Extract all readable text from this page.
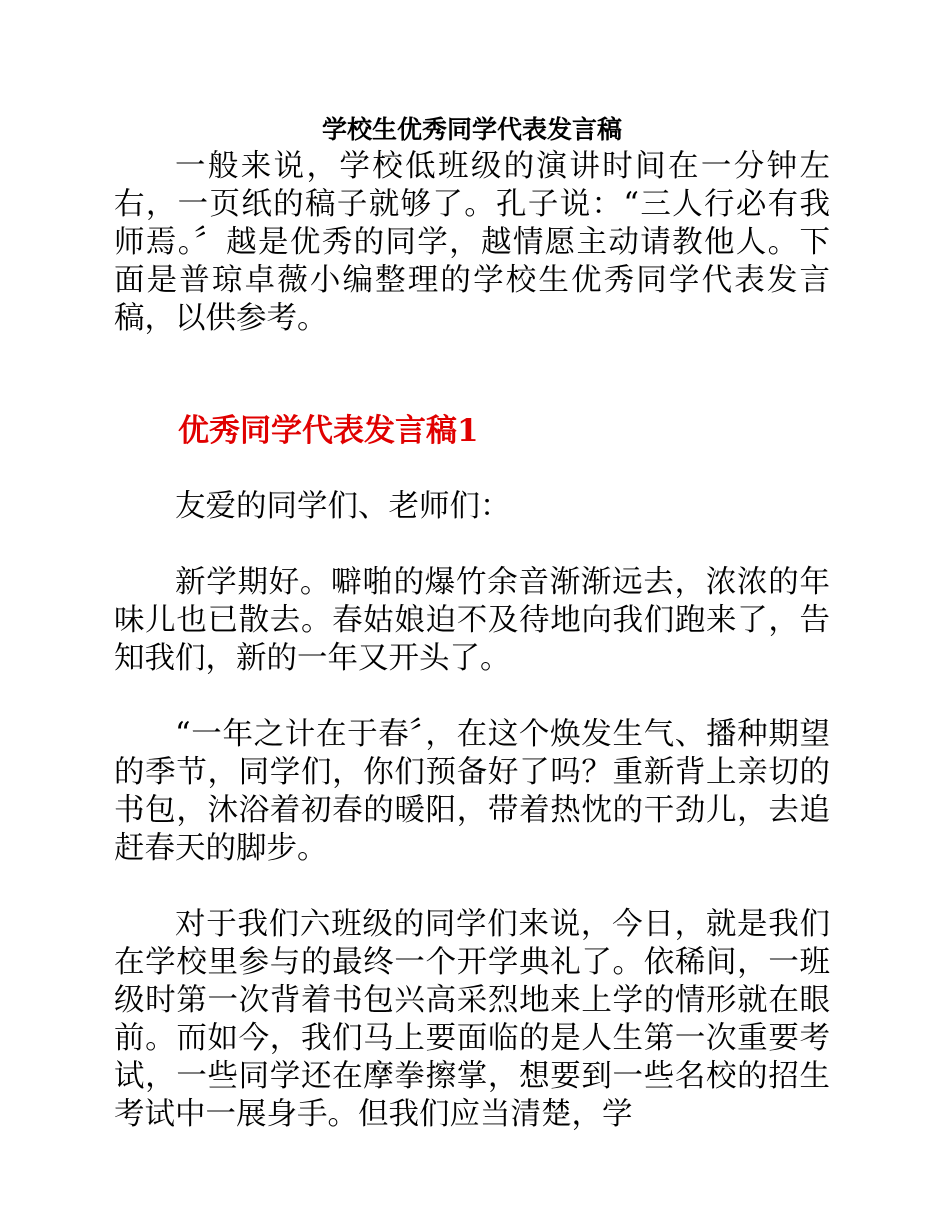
学校生优秀同学代表发言稿

一般来说，学校低班级的演讲时间在一分钟左右，一页纸的稿子就够了。孔子说：“三人行必有我师焉。〞越是优秀的同学，越情愿主动请教他人。下面是普琼卓薇小编整理的学校生优秀同学代表发言稿，以供参考。

优秀同学代表发言稿1

友爱的同学们、老师们：

新学期好。噼啪的爆竹余音渐渐远去，浓浓的年味儿也已散去。春姑娘迫不及待地向我们跑来了，告知我们，新的一年又开头了。

“一年之计在于春〞，在这个焕发生气、播种期望的季节，同学们，你们预备好了吗？重新背上亲切的书包，沐浴着初春的暖阳，带着热忱的干劲儿，去追赶春天的脚步。

对于我们六班级的同学们来说，今日，就是我们在学校里参与的最终一个开学典礼了。依稀间，一班级时第一次背着书包兴高采烈地来上学的情形就在眼前。而如今，我们马上要面临的是人生第一次重要考试，一些同学还在摩拳擦掌，想要到一些名校的招生考试中一展身手。但我们应当清楚，学
